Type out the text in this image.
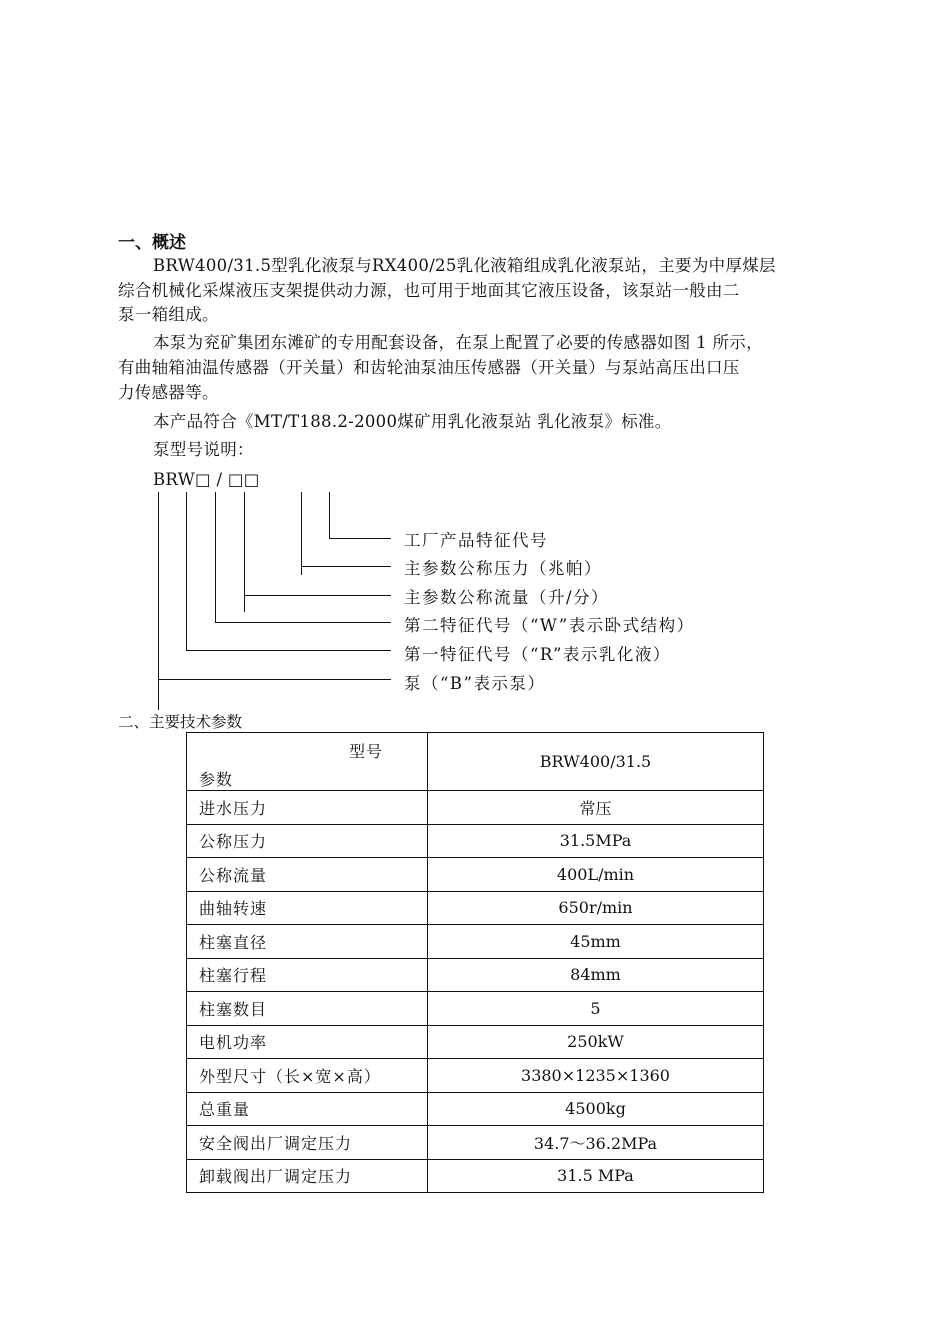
一、概述
BRW400/31.5型乳化液泵与RX400/25乳化液箱组成乳化液泵站，主要为中厚煤层
综合机械化采煤液压支架提供动力源，也可用于地面其它液压设备，该泵站一般由二
泵一箱组成。
本泵为兖矿集团东滩矿的专用配套设备，在泵上配置了必要的传感器如图 1 所示，
有曲轴箱油温传感器（开关量）和齿轮油泵油压传感器（开关量）与泵站高压出口压
力传感器等。
本产品符合《MT/T188.2-2000煤矿用乳化液泵站 乳化液泵》标准。
泵型号说明：
BRW□ / □□
工厂产品特征代号
主参数公称压力（兆帕）
主参数公称流量（升/分）
第二特征代号（“W”表示卧式结构）
第一特征代号（“R”表示乳化液）
泵（“B”表示泵）
二、主要技术参数
型号
参数	BRW400/31.5
进水压力	常压
公称压力	31.5MPa
公称流量	400L/min
曲轴转速	650r/min
柱塞直径	45mm
柱塞行程	84mm
柱塞数目	5
电机功率	250kW
外型尺寸（长×宽×高）	3380×1235×1360
总重量	4500kg
安全阀出厂调定压力	34.7～36.2MPa
卸载阀出厂调定压力	31.5 MPa
